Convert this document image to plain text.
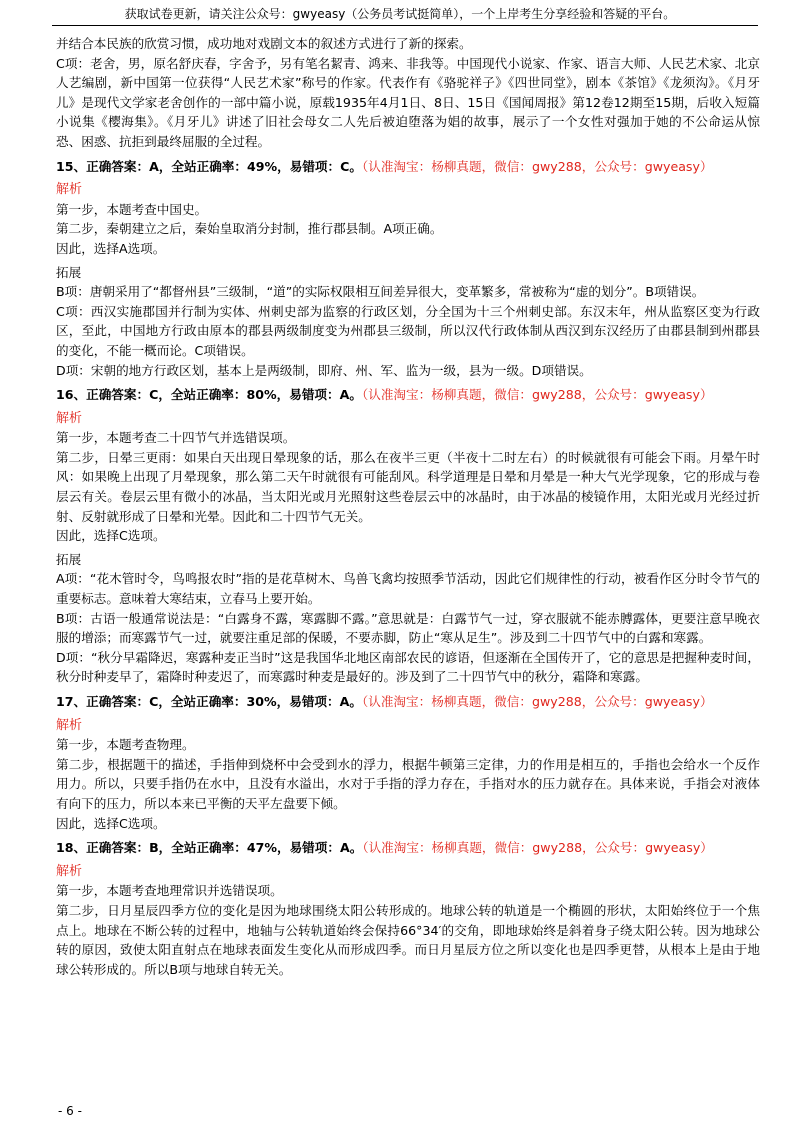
获取试卷更新，请关注公众号：gwyeasy（公务员考试挺简单），一个上岸考生分享经验和答疑的平台。

并结合本民族的欣赏习惯，成功地对戏剧文本的叙述方式进行了新的探索。

C项：老舍，男，原名舒庆春，字舍予，另有笔名絜青、鸿来、非我等。中国现代小说家、作家、语言大师、人民艺术家、北京人艺编剧，新中国第一位获得“人民艺术家”称号的作家。代表作有《骆驼祥子》《四世同堂》，剧本《茶馆》《龙须沟》。《月牙儿》是现代文学家老舍创作的一部中篇小说，原载1935年4月1日、8日、15日《国闻周报》第12卷12期至15期，后收入短篇小说集《樱海集》。《月牙儿》讲述了旧社会母女二人先后被迫堕落为娼的故事，展示了一个女性对强加于她的不公命运从惊恐、困惑、抗拒到最终屈服的全过程。

15、正确答案：A，全站正确率：49%，易错项：C。（认准淘宝：杨柳真题，微信：gwy288，公众号：gwyeasy）

解析

第一步，本题考查中国史。

第二步，秦朝建立之后，秦始皇取消分封制，推行郡县制。A项正确。

因此，选择A选项。

拓展

B项：唐朝采用了“都督州县”三级制，“道”的实际权限相互间差异很大，变革繁多，常被称为“虚的划分”。B项错误。

C项：西汉实施郡国并行制为实体、州刺史部为监察的行政区划，分全国为十三个州刺史部。东汉末年，州从监察区变为行政区，至此，中国地方行政由原本的郡县两级制度变为州郡县三级制，所以汉代行政体制从西汉到东汉经历了由郡县制到州郡县的变化，不能一概而论。C项错误。

D项：宋朝的地方行政区划，基本上是两级制，即府、州、军、监为一级，县为一级。D项错误。

16、正确答案：C，全站正确率：80%，易错项：A。（认准淘宝：杨柳真题，微信：gwy288，公众号：gwyeasy）

解析

第一步，本题考查二十四节气并选错误项。

第二步，日晕三更雨：如果白天出现日晕现象的话，那么在夜半三更（半夜十二时左右）的时候就很有可能会下雨。月晕午时风：如果晚上出现了月晕现象，那么第二天午时就很有可能刮风。科学道理是日晕和月晕是一种大气光学现象，它的形成与卷层云有关。卷层云里有微小的冰晶，当太阳光或月光照射这些卷层云中的冰晶时，由于冰晶的棱镜作用，太阳光或月光经过折射、反射就形成了日晕和光晕。因此和二十四节气无关。

因此，选择C选项。

拓展

A项：“花木管时令，鸟鸣报农时”指的是花草树木、鸟兽飞禽均按照季节活动，因此它们规律性的行动，被看作区分时令节气的重要标志。意味着大寒结束，立春马上要开始。

B项：古语一般通常说法是：“白露身不露，寒露脚不露。”意思就是：白露节气一过，穿衣服就不能赤膊露体，更要注意早晚衣服的增添；而寒露节气一过，就要注重足部的保暖，不要赤脚，防止“寒从足生”。涉及到二十四节气中的白露和寒露。

D项：“秋分早霜降迟，寒露种麦正当时”这是我国华北地区南部农民的谚语，但逐渐在全国传开了，它的意思是把握种麦时间，秋分时种麦早了，霜降时种麦迟了，而寒露时种麦是最好的。涉及到了二十四节气中的秋分，霜降和寒露。

17、正确答案：C，全站正确率：30%，易错项：A。（认准淘宝：杨柳真题，微信：gwy288，公众号：gwyeasy）

解析

第一步，本题考查物理。

第二步，根据题干的描述，手指伸到烧杯中会受到水的浮力，根据牛顿第三定律，力的作用是相互的，手指也会给水一个反作用力。所以，只要手指仍在水中，且没有水溢出，水对于手指的浮力存在，手指对水的压力就存在。具体来说，手指会对液体有向下的压力，所以本来已平衡的天平左盘要下倾。

因此，选择C选项。

18、正确答案：B，全站正确率：47%，易错项：A。（认准淘宝：杨柳真题，微信：gwy288，公众号：gwyeasy）

解析

第一步，本题考查地理常识并选错误项。

第二步，日月星辰四季方位的变化是因为地球围绕太阳公转形成的。地球公转的轨道是一个椭圆的形状，太阳始终位于一个焦点上。地球在不断公转的过程中，地轴与公转轨道始终会保持66°34′的交角，即地球始终是斜着身子绕太阳公转。因为地球公转的原因，致使太阳直射点在地球表面发生变化从而形成四季。而日月星辰方位之所以变化也是四季更替，从根本上是由于地球公转形成的。所以B项与地球自转无关。

- 6 -
